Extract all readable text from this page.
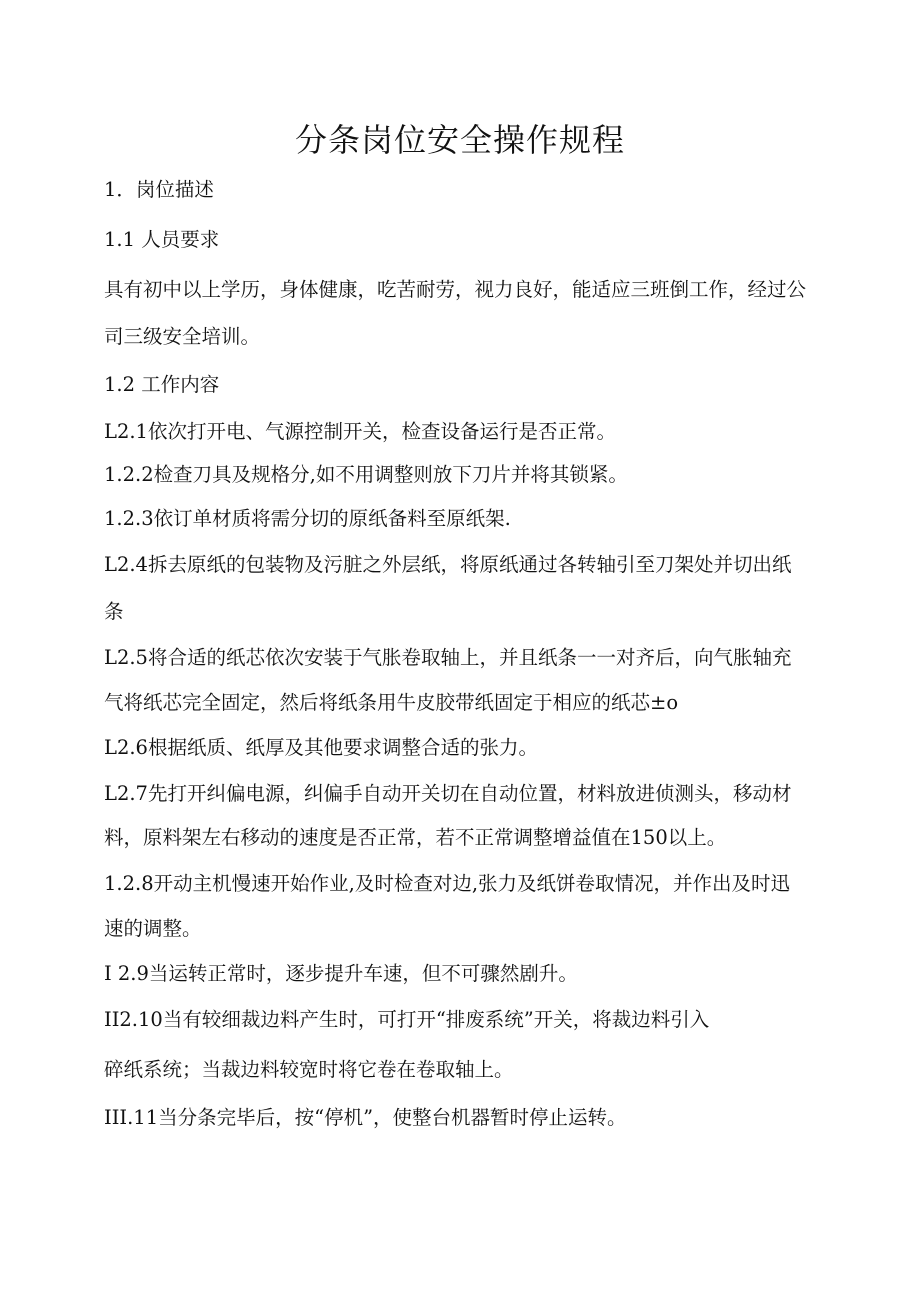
分条岗位安全操作规程
1．岗位描述
1.1 人员要求
具有初中以上学历，身体健康，吃苦耐劳，视力良好，能适应三班倒工作，经过公
司三级安全培训。
1.2 工作内容
L2.1依次打开电、气源控制开关，检查设备运行是否正常。
1.2.2检查刀具及规格分,如不用调整则放下刀片并将其锁紧。
1.2.3依订单材质将需分切的原纸备料至原纸架.
L2.4拆去原纸的包装物及污脏之外层纸，将原纸通过各转轴引至刀架处并切出纸
条
L2.5将合适的纸芯依次安装于气胀卷取轴上，并且纸条一一对齐后，向气胀轴充
气将纸芯完全固定，然后将纸条用牛皮胶带纸固定于相应的纸芯±o
L2.6根据纸质、纸厚及其他要求调整合适的张力。
L2.7先打开纠偏电源，纠偏手自动开关切在自动位置，材料放进侦测头，移动材
料，原料架左右移动的速度是否正常，若不正常调整增益值在150以上。
1.2.8开动主机慢速开始作业,及时检查对边,张力及纸饼卷取情况，并作出及时迅
速的调整。
I 2.9当运转正常时，逐步提升车速，但不可骤然剧升。
II2.10当有较细裁边料产生时，可打开“排废系统”开关，将裁边料引入
碎纸系统；当裁边料较宽时将它卷在卷取轴上。
III.11当分条完毕后，按“停机”，使整台机器暂时停止运转。
